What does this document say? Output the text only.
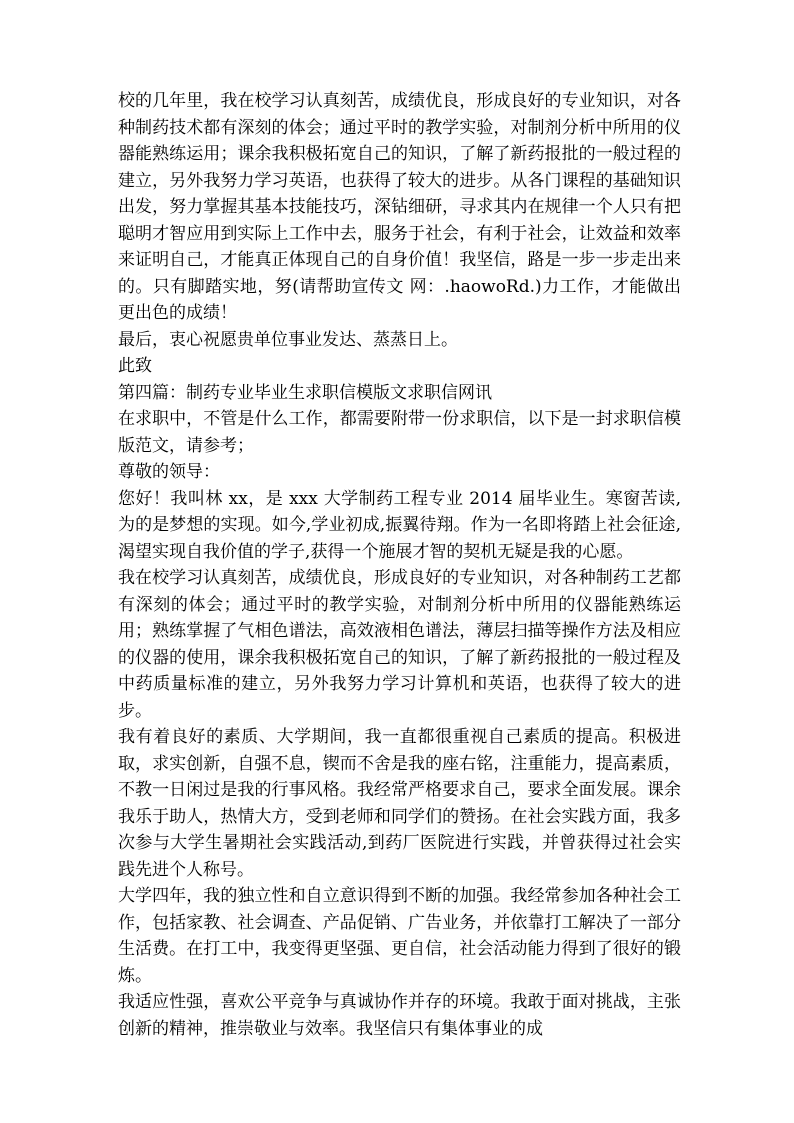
校的几年里，我在校学习认真刻苦，成绩优良，形成良好的专业知识，对各种制药技术都有深刻的体会；通过平时的教学实验，对制剂分析中所用的仪器能熟练运用；课余我积极拓宽自己的知识，了解了新药报批的一般过程的建立，另外我努力学习英语，也获得了较大的进步。从各门课程的基础知识出发，努力掌握其基本技能技巧，深钻细研，寻求其内在规律一个人只有把聪明才智应用到实际上工作中去，服务于社会，有利于社会，让效益和效率来证明自己，才能真正体现自己的自身价值！我坚信，路是一步一步走出来的。只有脚踏实地，努(请帮助宣传文 网：.haowoRd.)力工作，才能做出更出色的成绩！

最后，衷心祝愿贵单位事业发达、蒸蒸日上。

此致

第四篇：制药专业毕业生求职信模版文求职信网讯

在求职中，不管是什么工作，都需要附带一份求职信，以下是一封求职信模版范文，请参考；

尊敬的领导：

您好！我叫林 xx，是 xxx 大学制药工程专业 2014 届毕业生。寒窗苦读,为的是梦想的实现。如今,学业初成,振翼待翔。作为一名即将踏上社会征途,渴望实现自我价值的学子,获得一个施展才智的契机无疑是我的心愿。

我在校学习认真刻苦，成绩优良，形成良好的专业知识，对各种制药工艺都有深刻的体会；通过平时的教学实验，对制剂分析中所用的仪器能熟练运用；熟练掌握了气相色谱法，高效液相色谱法，薄层扫描等操作方法及相应的仪器的使用，课余我积极拓宽自己的知识，了解了新药报批的一般过程及中药质量标准的建立，另外我努力学习计算机和英语，也获得了较大的进步。

我有着良好的素质、大学期间，我一直都很重视自己素质的提高。积极进取，求实创新，自强不息，锲而不舍是我的座右铭，注重能力，提高素质，不教一日闲过是我的行事风格。我经常严格要求自己，要求全面发展。课余我乐于助人，热情大方，受到老师和同学们的赞扬。在社会实践方面，我多次参与大学生暑期社会实践活动,到药厂医院进行实践，并曾获得过社会实践先进个人称号。

大学四年，我的独立性和自立意识得到不断的加强。我经常参加各种社会工作，包括家教、社会调查、产品促销、广告业务，并依靠打工解决了一部分生活费。在打工中，我变得更坚强、更自信，社会活动能力得到了很好的锻炼。

我适应性强，喜欢公平竞争与真诚协作并存的环境。我敢于面对挑战，主张创新的精神，推崇敬业与效率。我坚信只有集体事业的成
